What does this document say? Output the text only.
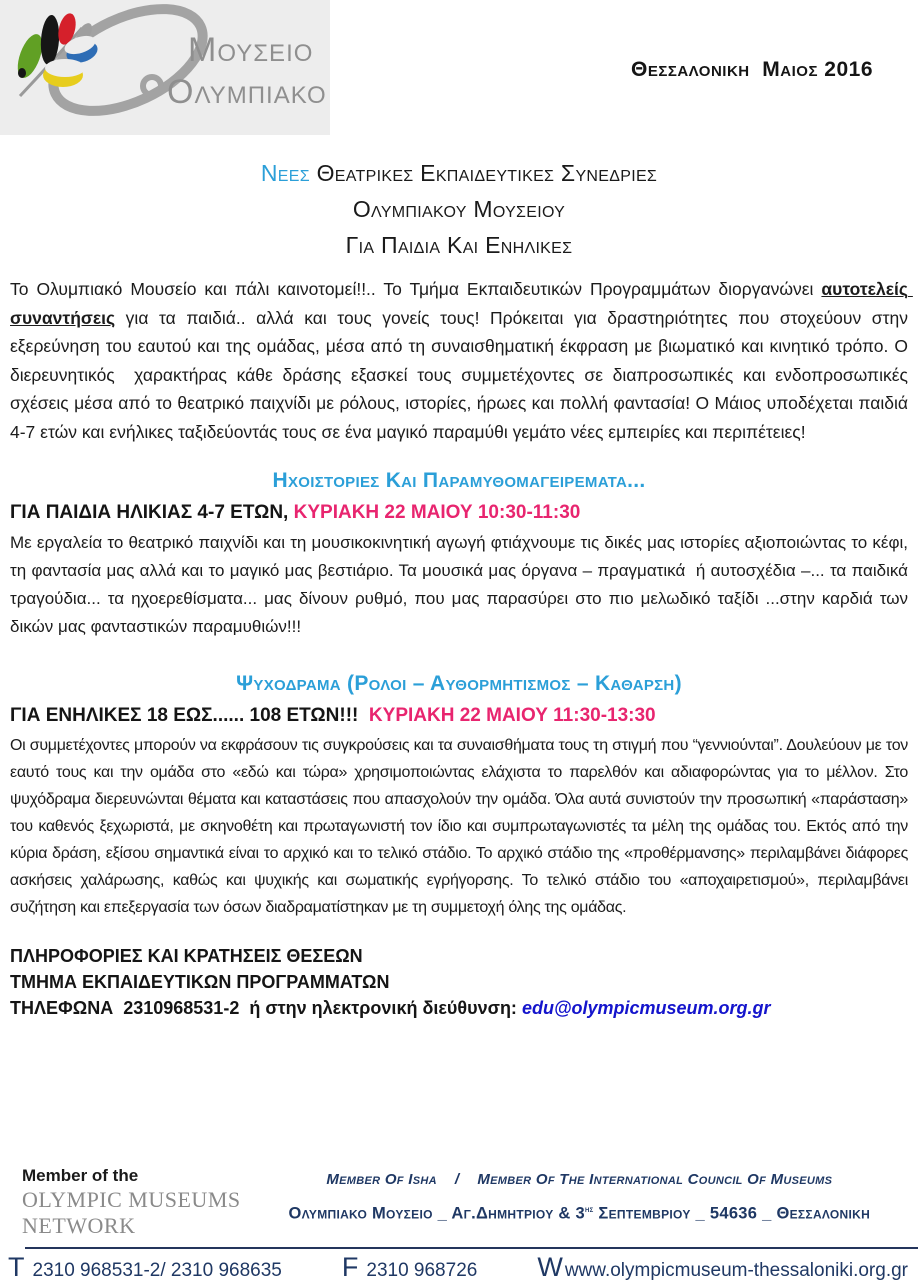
Μουσειο
Ολυμπιακο
Θεσσαλονικη  Μαιος 2016
Νεες Θεατρικες Εκπαιδευτικες Συνεδριες
Ολυμπιακου Μουσειου
Για Παιδια Και Ενηλικες

Το Ολυμπιακό Μουσείο και πάλι καινοτομεί!!.. Το Τμήμα Εκπαιδευτικών Προγραμμάτων διοργανώνει αυτοτελείς συναντήσεις για τα παιδιά.. αλλά και τους γονείς τους! Πρόκειται για δραστηριότητες που στοχεύουν στην εξερεύνηση του εαυτού και της ομάδας, μέσα από τη συναισθηματική έκφραση με βιωματικό και κινητικό τρόπο. Ο διερευνητικός  χαρακτήρας κάθε δράσης εξασκεί τους συμμετέχοντες σε διαπροσωπικές και ενδοπροσωπικές σχέσεις μέσα από το θεατρικό παιχνίδι με ρόλους, ιστορίες, ήρωες και πολλή φαντασία! Ο Μάιος υποδέχεται παιδιά 4-7 ετών και ενήλικες ταξιδεύοντάς τους σε ένα μαγικό παραμύθι γεμάτο νέες εμπειρίες και περιπέτειες!

Ηχοιστοριες Και Παραμυθομαγειρεματα...

ΓΙΑ ΠΑΙΔΙΑ ΗΛΙΚΙΑΣ 4-7 ΕΤΩΝ, ΚΥΡΙΑΚΗ 22 ΜΑΙΟΥ 10:30-11:30

Με εργαλεία το θεατρικό παιχνίδι και τη μουσικοκινητική αγωγή φτιάχνουμε τις δικές μας ιστορίες αξιοποιώντας το κέφι, τη φαντασία μας αλλά και το μαγικό μας βεστιάριο. Τα μουσικά μας όργανα – πραγματικά  ή αυτοσχέδια –... τα παιδικά τραγούδια... τα ηχοερεθίσματα... μας δίνουν ρυθμό, που μας παρασύρει στο πιο μελωδικό ταξίδι ...στην καρδιά των δικών μας φανταστικών παραμυθιών!!!

Ψυχοδραμα (Ρολοι – Αυθορμητισμος – Καθαρση)

ΓΙΑ ΕΝΗΛΙΚΕΣ 18 ΕΩΣ...... 108 ΕΤΩΝ!!!  ΚΥΡΙΑΚΗ 22 ΜΑΙΟΥ 11:30-13:30

Οι συμμετέχοντες μπορούν να εκφράσουν τις συγκρούσεις και τα συναισθήματα τους τη στιγμή που “γεννιούνται”. Δουλεύουν με τον εαυτό τους και την ομάδα στο «εδώ και τώρα» χρησιμοποιώντας ελάχιστα το παρελθόν και αδιαφορώντας για το μέλλον. Στο ψυχόδραμα διερευνώνται θέματα και καταστάσεις που απασχολούν την ομάδα. Όλα αυτά συνιστούν την προσωπική «παράσταση» του καθενός ξεχωριστά, με σκηνοθέτη και πρωταγωνιστή τον ίδιο και συμπρωταγωνιστές τα μέλη της ομάδας του. Εκτός από την κύρια δράση, εξίσου σημαντικά είναι το αρχικό και το τελικό στάδιο. Το αρχικό στάδιο της «προθέρμανσης» περιλαμβάνει διάφορες ασκήσεις χαλάρωσης, καθώς και ψυχικής και σωματικής εγρήγορσης. Το τελικό στάδιο του «αποχαιρετισμού», περιλαμβάνει συζήτηση και επεξεργασία των όσων διαδραματίστηκαν με τη συμμετοχή όλης της ομάδας.

ΠΛΗΡΟΦΟΡΙΕΣ ΚΑΙ ΚΡΑΤΗΣΕΙΣ ΘΕΣΕΩΝ
ΤΜΗΜΑ ΕΚΠΑΙΔΕΥΤΙΚΩΝ ΠΡΟΓΡΑΜΜΑΤΩΝ
ΤΗΛΕΦΩΝΑ  2310968531-2  ή στην ηλεκτρονική διεύθυνση: edu@olympicmuseum.org.gr
Member of the
OLYMPIC MUSEUMS
NETWORK
Member Of Isha / Member Of The International Council Of Museums
Ολυμπιακο Μουσειο _ Αγ.Δημητριου & $3^{\eta\varsigma}$ Σεπτεμβριου _ 54636 _ Θεσσαλονικη
T 2310 968531-2/ 2310 968635 F 2310 968726 W www.olympicmuseum-thessaloniki.org.gr
